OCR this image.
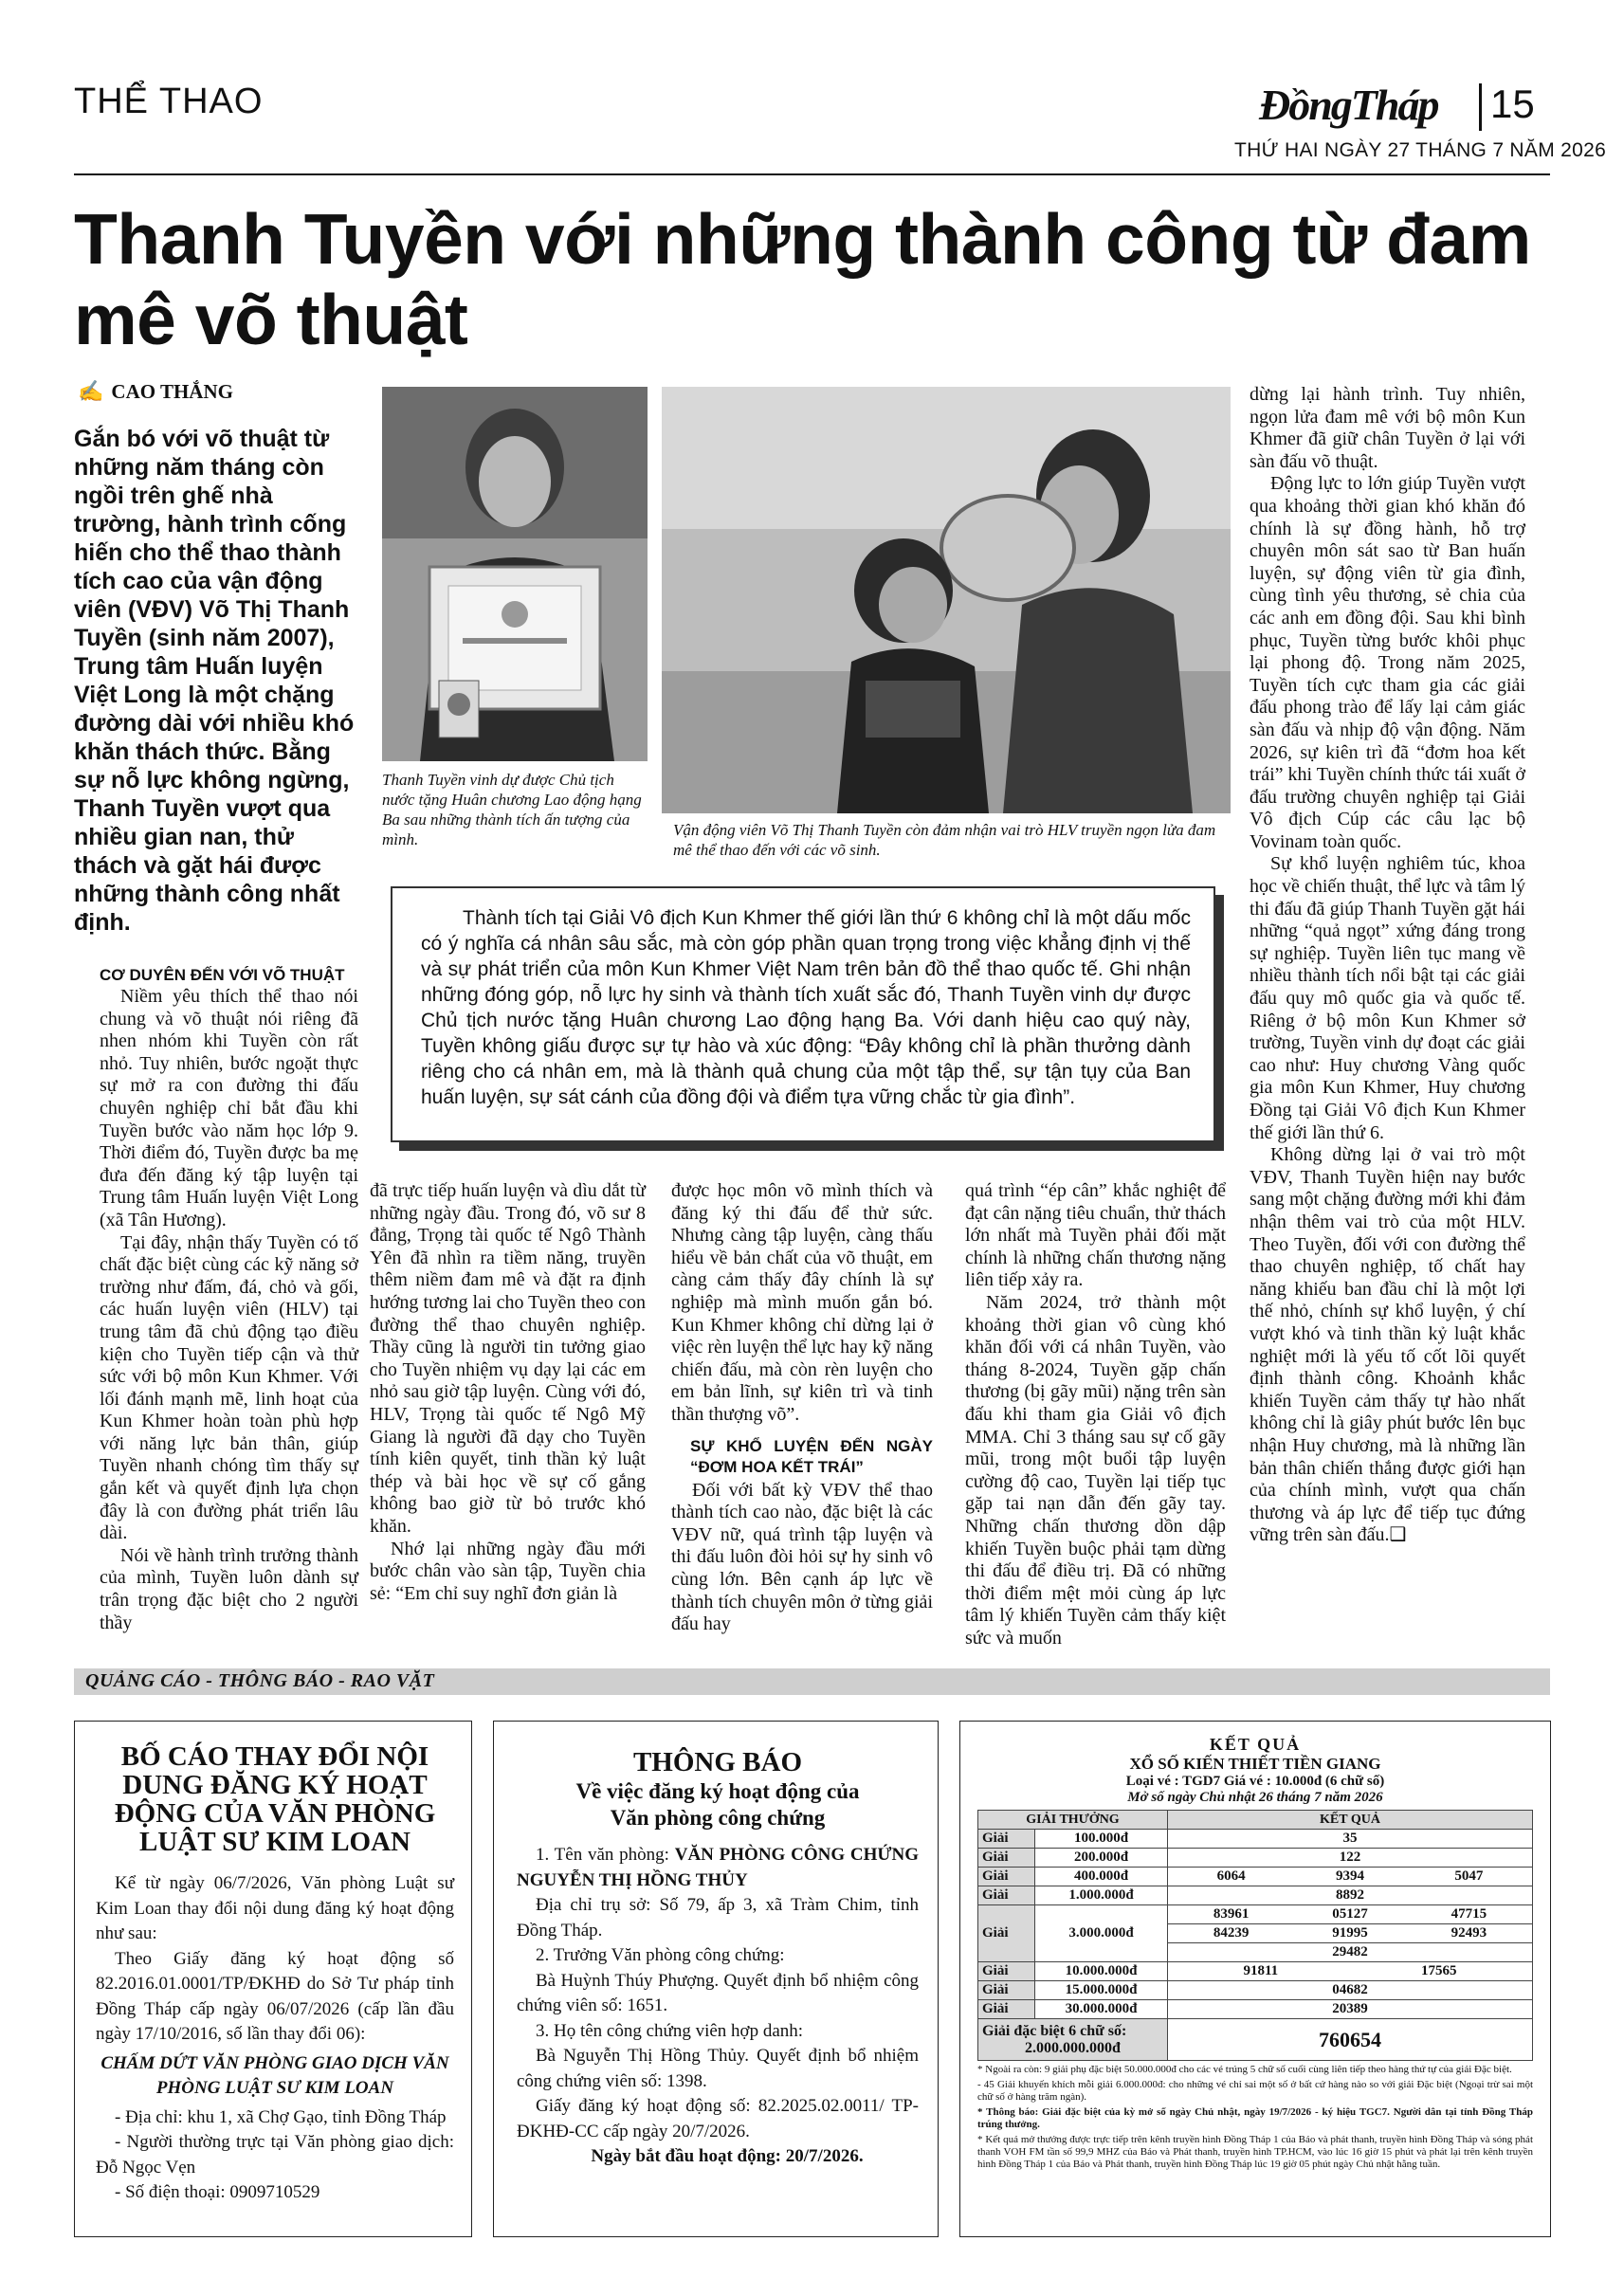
THỂ THAO	ĐồngTháp 15
THỨ HAI NGÀY 27 THÁNG 7 NĂM 2026
Thanh Tuyền với những thành công từ đam mê võ thuật
✍ CAO THẮNG
Gắn bó với võ thuật từ những năm tháng còn ngồi trên ghế nhà trường, hành trình cống hiến cho thể thao thành tích cao của vận động viên (VĐV) Võ Thị Thanh Tuyền (sinh năm 2007), Trung tâm Huấn luyện Việt Long là một chặng đường dài với nhiều khó khăn thách thức. Bằng sự nỗ lực không ngừng, Thanh Tuyền vượt qua nhiều gian nan, thử thách và gặt hái được những thành công nhất định.
CƠ DUYÊN ĐẾN VỚI VÕ THUẬT

Niềm yêu thích thể thao nói chung và võ thuật nói riêng đã nhen nhóm khi Tuyền còn rất nhỏ. Tuy nhiên, bước ngoặt thực sự mở ra con đường thi đấu chuyên nghiệp chỉ bắt đầu khi Tuyền bước vào năm học lớp 9. Thời điểm đó, Tuyền được ba mẹ đưa đến đăng ký tập luyện tại Trung tâm Huấn luyện Việt Long (xã Tân Hương).

Tại đây, nhận thấy Tuyền có tố chất đặc biệt cùng các kỹ năng sở trường như đấm, đá, chỏ và gối, các huấn luyện viên (HLV) tại trung tâm đã chủ động tạo điều kiện cho Tuyền tiếp cận và thử sức với bộ môn Kun Khmer. Với lối đánh mạnh mẽ, linh hoạt của Kun Khmer hoàn toàn phù hợp với năng lực bản thân, giúp Tuyền nhanh chóng tìm thấy sự gắn kết và quyết định lựa chọn đây là con đường phát triển lâu dài.

Nói về hành trình trưởng thành của mình, Tuyền luôn dành sự trân trọng đặc biệt cho 2 người thầy

Thanh Tuyền vinh dự được Chủ tịch nước tặng Huân chương Lao động hạng Ba sau những thành tích ấn tượng của mình.
Vận động viên Võ Thị Thanh Tuyền còn đảm nhận vai trò HLV truyền ngọn lửa đam mê thể thao đến với các võ sinh.
Thành tích tại Giải Vô địch Kun Khmer thế giới lần thứ 6 không chỉ là một dấu mốc có ý nghĩa cá nhân sâu sắc, mà còn góp phần quan trọng trong việc khẳng định vị thế và sự phát triển của môn Kun Khmer Việt Nam trên bản đồ thể thao quốc tế. Ghi nhận những đóng góp, nỗ lực hy sinh và thành tích xuất sắc đó, Thanh Tuyền vinh dự được Chủ tịch nước tặng Huân chương Lao động hạng Ba. Với danh hiệu cao quý này, Tuyền không giấu được sự tự hào và xúc động: “Đây không chỉ là phần thưởng dành riêng cho cá nhân em, mà là thành quả chung của một tập thể, sự tận tụy của Ban huấn luyện, sự sát cánh của đồng đội và điểm tựa vững chắc từ gia đình”.

đã trực tiếp huấn luyện và dìu dắt từ những ngày đầu. Trong đó, võ sư 8 đẳng, Trọng tài quốc tế Ngô Thành Yên đã nhìn ra tiềm năng, truyền thêm niềm đam mê và đặt ra định hướng tương lai cho Tuyền theo con đường thể thao chuyên nghiệp. Thầy cũng là người tin tưởng giao cho Tuyền nhiệm vụ dạy lại các em nhỏ sau giờ tập luyện. Cùng với đó, HLV, Trọng tài quốc tế Ngô Mỹ Giang là người đã dạy cho Tuyền tính kiên quyết, tinh thần kỷ luật thép và bài học về sự cố gắng không bao giờ từ bỏ trước khó khăn.

Nhớ lại những ngày đầu mới bước chân vào sàn tập, Tuyền chia sẻ: “Em chỉ suy nghĩ đơn giản là

được học môn võ mình thích và đăng ký thi đấu để thử sức. Nhưng càng tập luyện, càng thấu hiểu về bản chất của võ thuật, em càng cảm thấy đây chính là sự nghiệp mà mình muốn gắn bó. Kun Khmer không chỉ dừng lại ở việc rèn luyện thể lực hay kỹ năng chiến đấu, mà còn rèn luyện cho em bản lĩnh, sự kiên trì và tinh thần thượng võ”.

SỰ KHỔ LUYỆN ĐẾN NGÀY “ĐƠM HOA KẾT TRÁI”

Đối với bất kỳ VĐV thể thao thành tích cao nào, đặc biệt là các VĐV nữ, quá trình tập luyện và thi đấu luôn đòi hỏi sự hy sinh vô cùng lớn. Bên cạnh áp lực về thành tích chuyên môn ở từng giải đấu hay

quá trình “ép cân” khắc nghiệt để đạt cân nặng tiêu chuẩn, thử thách lớn nhất mà Tuyền phải đối mặt chính là những chấn thương nặng liên tiếp xảy ra.

Năm 2024, trở thành một khoảng thời gian vô cùng khó khăn đối với cá nhân Tuyền, vào tháng 8-2024, Tuyền gặp chấn thương (bị gãy mũi) nặng trên sàn đấu khi tham gia Giải vô địch MMA. Chỉ 3 tháng sau sự cố gãy mũi, trong một buổi tập luyện cường độ cao, Tuyền lại tiếp tục gặp tai nạn dẫn đến gãy tay. Những chấn thương dồn dập khiến Tuyền buộc phải tạm dừng thi đấu để điều trị. Đã có những thời điểm mệt mỏi cùng áp lực tâm lý khiến Tuyền cảm thấy kiệt sức và muốn

dừng lại hành trình. Tuy nhiên, ngọn lửa đam mê với bộ môn Kun Khmer đã giữ chân Tuyền ở lại với sàn đấu võ thuật.

Động lực to lớn giúp Tuyền vượt qua khoảng thời gian khó khăn đó chính là sự đồng hành, hỗ trợ chuyên môn sát sao từ Ban huấn luyện, sự động viên từ gia đình, cùng tình yêu thương, sẻ chia của các anh em đồng đội. Sau khi bình phục, Tuyền từng bước khôi phục lại phong độ. Trong năm 2025, Tuyền tích cực tham gia các giải đấu phong trào để lấy lại cảm giác sàn đấu và nhịp độ vận động. Năm 2026, sự kiên trì đã “đơm hoa kết trái” khi Tuyền chính thức tái xuất ở đấu trường chuyên nghiệp tại Giải Vô địch Cúp các câu lạc bộ Vovinam toàn quốc.

Sự khổ luyện nghiêm túc, khoa học về chiến thuật, thể lực và tâm lý thi đấu đã giúp Thanh Tuyền gặt hái những “quả ngọt” xứng đáng trong sự nghiệp. Tuyền liên tục mang về nhiều thành tích nổi bật tại các giải đấu quy mô quốc gia và quốc tế. Riêng ở bộ môn Kun Khmer sở trường, Tuyền vinh dự đoạt các giải cao như: Huy chương Vàng quốc gia môn Kun Khmer, Huy chương Đồng tại Giải Vô địch Kun Khmer thế giới lần thứ 6.

Không dừng lại ở vai trò một VĐV, Thanh Tuyền hiện nay bước sang một chặng đường mới khi đảm nhận thêm vai trò của một HLV. Theo Tuyền, đối với con đường thể thao chuyên nghiệp, tố chất hay năng khiếu ban đầu chỉ là một lợi thế nhỏ, chính sự khổ luyện, ý chí vượt khó và tinh thần kỷ luật khắc nghiệt mới là yếu tố cốt lõi quyết định thành công. Khoảnh khắc khiến Tuyền cảm thấy tự hào nhất không chỉ là giây phút bước lên bục nhận Huy chương, mà là những lần bản thân chiến thắng được giới hạn của chính mình, vượt qua chấn thương và áp lực để tiếp tục đứng vững trên sàn đấu.❑

QUẢNG CÁO - THÔNG BÁO - RAO VẶT
BỐ CÁO THAY ĐỔI NỘI DUNG ĐĂNG KÝ HOẠT ĐỘNG CỦA VĂN PHÒNG LUẬT SƯ KIM LOAN

Kể từ ngày 06/7/2026, Văn phòng Luật sư Kim Loan thay đổi nội dung đăng ký hoạt động như sau:

Theo Giấy đăng ký hoạt động số 82.2016.01.0001/TP/ĐKHĐ do Sở Tư pháp tỉnh Đồng Tháp cấp ngày 06/07/2026 (cấp lần đầu ngày 17/10/2016, số lần thay đổi 06):

CHẤM DỨT VĂN PHÒNG GIAO DỊCH VĂN PHÒNG LUẬT SƯ KIM LOAN

- Địa chỉ: khu 1, xã Chợ Gạo, tỉnh Đồng Tháp

- Người thường trực tại Văn phòng giao dịch: Đỗ Ngọc Vẹn

- Số điện thoại: 0909710529

THÔNG BÁO
Về việc đăng ký hoạt động của Văn phòng công chứng

1. Tên văn phòng: VĂN PHÒNG CÔNG CHỨNG NGUYỄN THỊ HỒNG THỦY

Địa chỉ trụ sở: Số 79, ấp 3, xã Tràm Chim, tỉnh Đồng Tháp.

2. Trưởng Văn phòng công chứng:

Bà Huỳnh Thúy Phượng. Quyết định bổ nhiệm công chứng viên số: 1651.

3. Họ tên công chứng viên hợp danh:

Bà Nguyễn Thị Hồng Thủy. Quyết định bổ nhiệm công chứng viên số: 1398.

Giấy đăng ký hoạt động số: 82.2025.02.0011/ TP-ĐKHĐ-CC cấp ngày 20/7/2026.

Ngày bắt đầu hoạt động: 20/7/2026.

KẾT QUẢ
XỔ SỐ KIẾN THIẾT TIỀN GIANG
Loại vé : TGD7 Giá vé : 10.000đ (6 chữ số)
Mở số ngày Chủ nhật 26 tháng 7 năm 2026
GIẢI THƯỞNG		KẾT QUẢ
Giải	100.000đ	35
Giải	200.000đ	122
Giải	400.000đ	6064 9394 5047

Giải	1.000.000đ	8892
Giải	3.000.000đ	83961 05127 47715

		84239 91995 92493

		29482
Giải	10.000.000đ	91811 17565

Giải	15.000.000đ	04682
Giải	30.000.000đ	20389

Giải đặc biệt 6 chữ số:
2.000.000.000đ		760654
* Ngoài ra còn: 9 giải phụ đặc biệt 50.000.000đ cho các vé trúng 5 chữ số cuối cùng liên tiếp theo hàng thứ tự của giải Đặc biệt.
- 45 Giải khuyến khích mỗi giải 6.000.000đ: cho những vé chỉ sai một số ở bất cứ hàng nào so với giải Đặc biệt (Ngoại trừ sai một chữ số ở hàng trăm ngàn).
* Thông báo: Giải đặc biệt của kỳ mở số ngày Chủ nhật, ngày 19/7/2026 - ký hiệu TGC7. Người dân tại tỉnh Đồng Tháp trúng thưởng.
* Kết quả mở thưởng được trực tiếp trên kênh truyền hình Đồng Tháp 1 của Báo và phát thanh, truyền hình Đồng Tháp và sóng phát thanh VOH FM tần số 99,9 MHZ của Báo và Phát thanh, truyền hình TP.HCM, vào lúc 16 giờ 15 phút và phát lại trên kênh truyền hình Đồng Tháp 1 của Báo và Phát thanh, truyền hình Đồng Tháp lúc 19 giờ 05 phút ngày Chủ nhật hằng tuần.
